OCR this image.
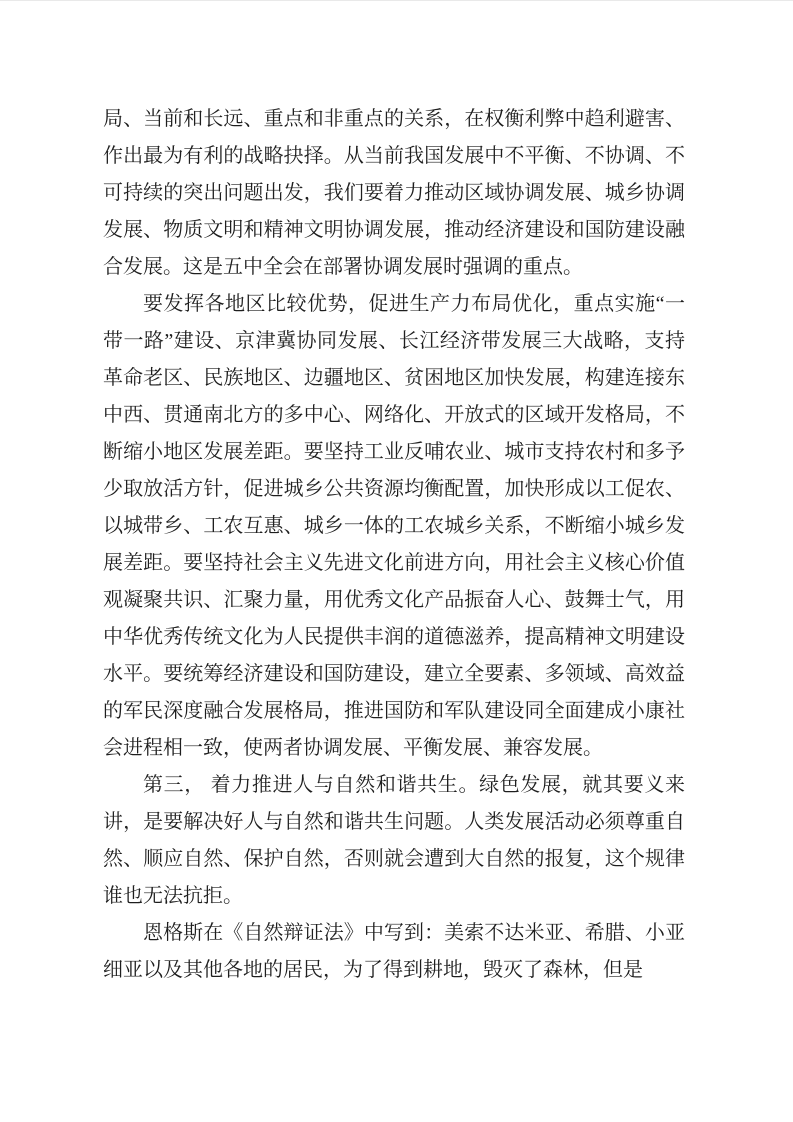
局、当前和长远、重点和非重点的关系，在权衡利弊中趋利避害、作出最为有利的战略抉择。从当前我国发展中不平衡、不协调、不可持续的突出问题出发，我们要着力推动区域协调发展、城乡协调发展、物质文明和精神文明协调发展，推动经济建设和国防建设融合发展。这是五中全会在部署协调发展时强调的重点。

要发挥各地区比较优势，促进生产力布局优化，重点实施“一带一路”建设、京津冀协同发展、长江经济带发展三大战略，支持革命老区、民族地区、边疆地区、贫困地区加快发展，构建连接东中西、贯通南北方的多中心、网络化、开放式的区域开发格局，不断缩小地区发展差距。要坚持工业反哺农业、城市支持农村和多予少取放活方针，促进城乡公共资源均衡配置，加快形成以工促农、以城带乡、工农互惠、城乡一体的工农城乡关系，不断缩小城乡发展差距。要坚持社会主义先进文化前进方向，用社会主义核心价值观凝聚共识、汇聚力量，用优秀文化产品振奋人心、鼓舞士气，用中华优秀传统文化为人民提供丰润的道德滋养，提高精神文明建设水平。要统筹经济建设和国防建设，建立全要素、多领域、高效益的军民深度融合发展格局，推进国防和军队建设同全面建成小康社会进程相一致，使两者协调发展、平衡发展、兼容发展。

第三， 着力推进人与自然和谐共生。绿色发展，就其要义来讲，是要解决好人与自然和谐共生问题。人类发展活动必须尊重自然、顺应自然、保护自然，否则就会遭到大自然的报复，这个规律谁也无法抗拒。

恩格斯在《自然辩证法》中写到：美索不达米亚、希腊、小亚细亚以及其他各地的居民，为了得到耕地，毁灭了森林，但是
